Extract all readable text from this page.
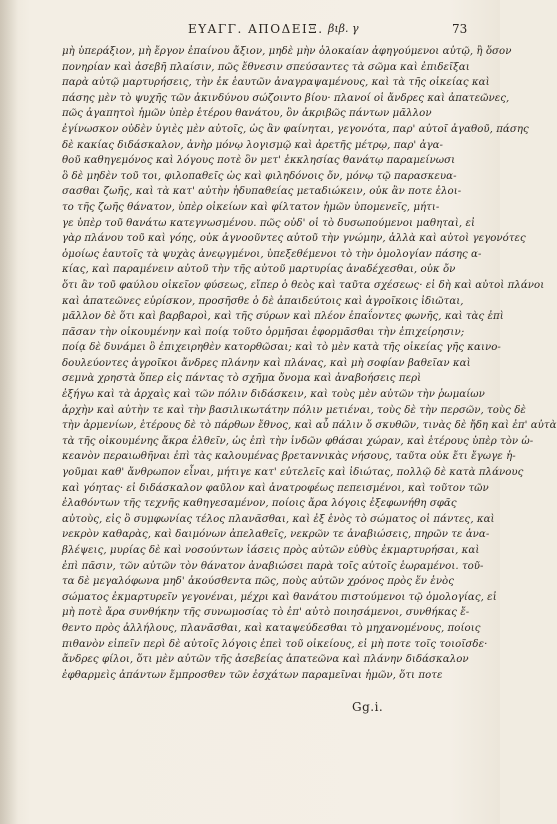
ΕΥΑΓΓ. ΑΠΟΔΕΙΞ. βιβ. γ	73
μὴ ὑπεράξιον, μὴ ἔργον ἐπαίνου ἄξιον, μηδὲ μὴν ὁλοκαίαν ἀφηγούμενοι αὐτῷ, ἢ ὅσον
πονηρίαν καὶ ἀσεβῆ πλαίσιν, πῶς ἔθνεσιν σπεύσαντες τὰ σῶμα καὶ ἐπιδεῖξαι
παρὰ αὐτῷ μαρτυρήσεις, τὴν ἐκ ἑαυτῶν ἀναγραψαμένους, καὶ τὰ τῆς οἰκείας καὶ
πάσης μὲν τὸ ψυχῆς τῶν ἀκινδύνου σώζοιντο βίου· πλανοί οἱ ἄνδρες καὶ ἀπατεῶνες,
πῶς ἀγαπητοὶ ἡμῶν ὑπὲρ ἑτέρου θανάτου, ὃν ἀκριβῶς πάντων μᾶλλον
ἐγίνωσκον οὐδὲν ὑγιὲς μὲν αὐτοῖς, ὡς ἂν φαίνηται, γεγονότα, παρ' αὐτοῖ ἀγαθοῦ, πάσης
δὲ κακίας διδάσκαλον, ἀνὴρ μόνῳ λογισμῷ καὶ ἀρετῆς μέτρῳ, παρ' ἀγα-
θοῦ καθηγεμόνος καὶ λόγους ποτὲ ὃν μετ' ἐκκλησίας θανάτῳ παραμείνωσι
ὃ δὲ μηδὲν τοῦ τοι, φιλοπαθεῖς ὡς καὶ φιληδόνοις ὄν, μόνῳ τῷ παρασκευα-
σασθαι ζωῆς, καὶ τὰ κατ' αὐτὴν ἡδυπαθείας μεταδιώκειν, οὐκ ἂν ποτε ἐλοι-
το τῆς ζωῆς θάνατον, ὑπὲρ οἰκείων καὶ φίλτατον ἡμῶν ὑπομενεῖς, μήτι-
γε ὑπὲρ τοῦ θανάτω κατεγνωσμένου. πῶς οὐδ' οἱ τὸ δυσωπούμενοι μαθηταὶ, εἰ
γὰρ πλάνου τοῦ καὶ γόης, οὐκ ἀγνοοῦντες αὐτοῦ τὴν γνώμην, ἀλλὰ καὶ αὐτοὶ γεγονότες
ὁμοίως ἑαυτοῖς τὰ ψυχὰς ἀνεῳγμένοι, ὑπεξεθέμενοι τὸ τὴν ὁμολογίαν πάσης α-
κίας, καὶ παραμένειν αὐτοῦ τὴν τῆς αὐτοῦ μαρτυρίας ἀναδέχεσθαι, οὐκ ὄν
ὅτι ἂν τοῦ φαύλου οἰκεῖον φύσεως, εἴπερ ὁ θεὸς καὶ ταῦτα σχέσεως· εἰ δὴ καὶ αὐτοὶ πλάνοι
καὶ ἀπατεῶνες εὑρίσκον, προσῆσθε ὁ δὲ ἀπαιδεύτοις καὶ ἀγροῖκοις ἰδιῶται,
μᾶλλον δὲ ὅτι καὶ βαρβαροὶ, καὶ τῆς σύρων καὶ πλέον ἐπαΐοντες φωνῆς, καὶ τὰς ἐπὶ
πᾶσαν τὴν οἰκουμένην καὶ ποίᾳ τοῦτο ὁρμῆσαι ἐφορμᾶσθαι τὴν ἐπιχείρησιν;
ποίᾳ δὲ δυνάμει ὃ ἐπιχειρηθὲν κατορθῶσαι; καὶ τὸ μὲν κατὰ τῆς οἰκείας γῆς καινο-
δουλεύοντες ἀγροῖκοι ἄνδρες πλάνην καὶ πλάνας, καὶ μὴ σοφίαν βαθεῖαν καὶ
σεμνὰ χρηστὰ ὅπερ εἰς πάντας τὸ σχῆμα ὄνομα καὶ ἀναβοήσεις περὶ
ἐξήγω καὶ τὰ ἀρχαὶς καὶ τῶν πόλιν διδάσκειν, καὶ τοὺς μὲν αὐτῶν τὴν ῥωμαίων
ἀρχὴν καὶ αὐτὴν τε καὶ τὴν βασιλικωτάτην πόλιν μετιέναι, τοὺς δὲ τὴν περσῶν, τοὺς δὲ
τὴν ἀρμενίων, ἑτέρους δὲ τὸ πάρθων ἔθνος, καὶ αὖ πάλιν ὅ σκυθῶν, τινὰς δὲ ἤδη καὶ ἐπ' αὐτὰ
τὰ τῆς οἰκουμένης ἄκρα ἐλθεῖν, ὡς ἐπὶ τὴν ἰνδῶν φθάσαι χώραν, καὶ ἑτέρους ὑπὲρ τὸν ὠ-
κεανὸν περαιωθῆναι ἐπὶ τὰς καλουμένας βρεταννικὰς νήσους, ταῦτα οὐκ ἔτι ἔγωγε ἡ-
γοῦμαι καθ' ἄνθρωπον εἶναι, μήτιγε κατ' εὐτελεῖς καὶ ἰδιώτας, πολλῷ δὲ κατὰ πλάνους
καὶ γόητας· εἰ διδάσκαλον φαῦλον καὶ ἀνατροφέως πεπεισμένοι, καὶ τοῦτον τῶν
ἐλαθόντων τῆς τεχνῆς καθηγεσαμένον, ποίοις ἄρα λόγοις ἐξεφωνήθη σφᾶς
αὐτοὺς, εἰς ὃ συμφωνίας τέλος πλανᾶσθαι, καὶ ἐξ ἑνὸς τὸ σώματος οἱ πάντες, καὶ
νεκρὸν καθαρὰς, καὶ δαιμόνων ἀπελαθεῖς, νεκρῶν τε ἀναβιώσεις, πηρῶν τε ἀνα-
βλέψεις, μυρίας δὲ καὶ νοσούντων ἰάσεις πρὸς αὐτῶν εὐθὺς ἐκμαρτυρήσαι, καὶ
ἐπὶ πᾶσιν, τῶν αὐτῶν τὸν θάνατον ἀναβιώσει παρὰ τοῖς αὐτοῖς ἑωραμένοι. τοῦ-
τα δὲ μεγαλόφωνα μηδ' ἀκούσθεντα πῶς, ποὺς αὐτῶν χρόνος πρὸς ἕν ἑνὸς
σώματος ἐκμαρτυρεῖν γεγονέναι, μέχρι καὶ θανάτου πιστούμενοι τῷ ὁμολογίας, εἰ
μὴ ποτὲ ἄρα συνθήκην τῆς συνωμοσίας τὸ ἐπ' αὐτὸ ποιησάμενοι, συνθήκας ἔ-
θεντο πρὸς ἀλλήλους, πλανᾶσθαι, καὶ καταψεύδεσθαι τὸ μηχανομένους, ποίοις
πιθανὸν εἰπεῖν περὶ δὲ αὐτοῖς λόγοις ἐπεὶ τοῦ οἰκείους, εἰ μὴ ποτε τοῖς τοιοῖσδε·
ἄνδρες φίλοι, ὅτι μὲν αὐτῶν τῆς ἀσεβείας ἀπατεῶνα καὶ πλάνην διδάσκαλον
ἐφθαρμεὶς ἀπάντων ἔμπροσθεν τῶν ἐσχάτων παραμεῖναι ἡμῶν, ὅτι ποτε
Gg.i.
